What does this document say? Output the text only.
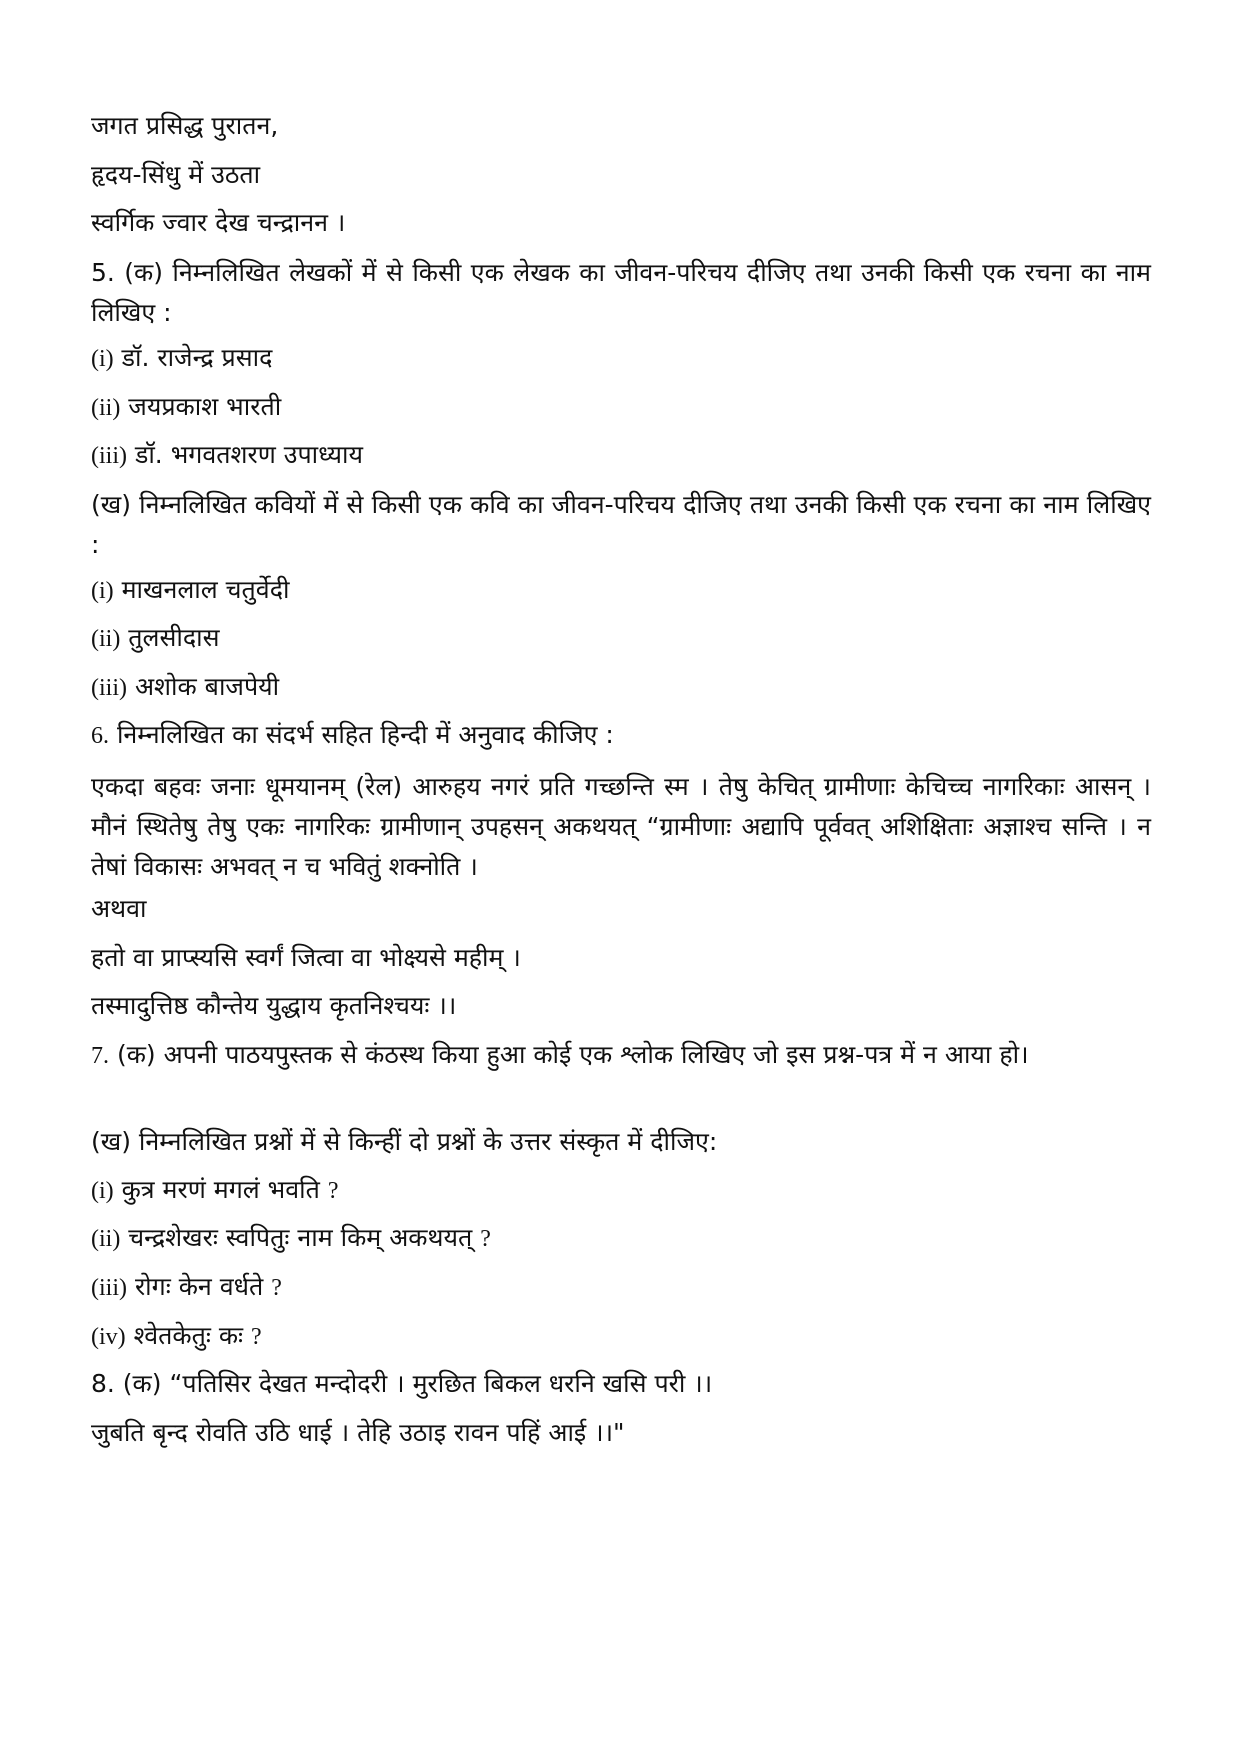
जगत प्रसिद्ध पुरातन,
हृदय-सिंधु में उठता
स्वर्गिक ज्वार देख चन्द्रानन ।
5. (क) निम्नलिखित लेखकों में से किसी एक लेखक का जीवन-परिचय दीजिए तथा उनकी किसी एक रचना का नाम लिखिए :
(i) डॉ. राजेन्द्र प्रसाद
(ii) जयप्रकाश भारती
(iii) डॉ. भगवतशरण उपाध्याय
(ख) निम्नलिखित कवियों में से किसी एक कवि का जीवन-परिचय दीजिए तथा उनकी किसी एक रचना का नाम लिखिए :
(i) माखनलाल चतुर्वेदी
(ii) तुलसीदास
(iii) अशोक बाजपेयी
6. निम्नलिखित का संदर्भ सहित हिन्दी में अनुवाद कीजिए :
एकदा बहवः जनाः धूमयानम् (रेल) आरुहय नगरं प्रति गच्छन्ति स्म । तेषु केचित् ग्रामीणाः केचिच्च नागरिकाः आसन् । मौनं स्थितेषु तेषु एकः नागरिकः ग्रामीणान् उपहसन् अकथयत् “ग्रामीणाः अद्यापि पूर्ववत् अशिक्षिताः अज्ञाश्च सन्ति । न तेषां विकासः अभवत् न च भवितुं शक्नोति ।
अथवा
हतो वा प्राप्स्यसि स्वर्गं जित्वा वा भोक्ष्यसे महीम् ।
तस्मादुत्तिष्ठ कौन्तेय युद्धाय कृतनिश्चयः ।।
7. (क) अपनी पाठयपुस्तक से कंठस्थ किया हुआ कोई एक श्लोक लिखिए जो इस प्रश्न-पत्र में न आया हो।
(ख) निम्नलिखित प्रश्नों में से किन्हीं दो प्रश्नों के उत्तर संस्कृत में दीजिए:
(i) कुत्र मरणं मगलं भवति ?
(ii) चन्द्रशेखरः स्वपितुः नाम किम् अकथयत् ?
(iii) रोगः केन वर्धते ?
(iv) श्वेतकेतुः कः ?
8. (क) “पतिसिर देखत मन्दोदरी । मुरछित बिकल धरनि खसि परी ।।
जुबति बृन्द रोवति उठि धाई । तेहि उठाइ रावन पहिं आई ।।"
